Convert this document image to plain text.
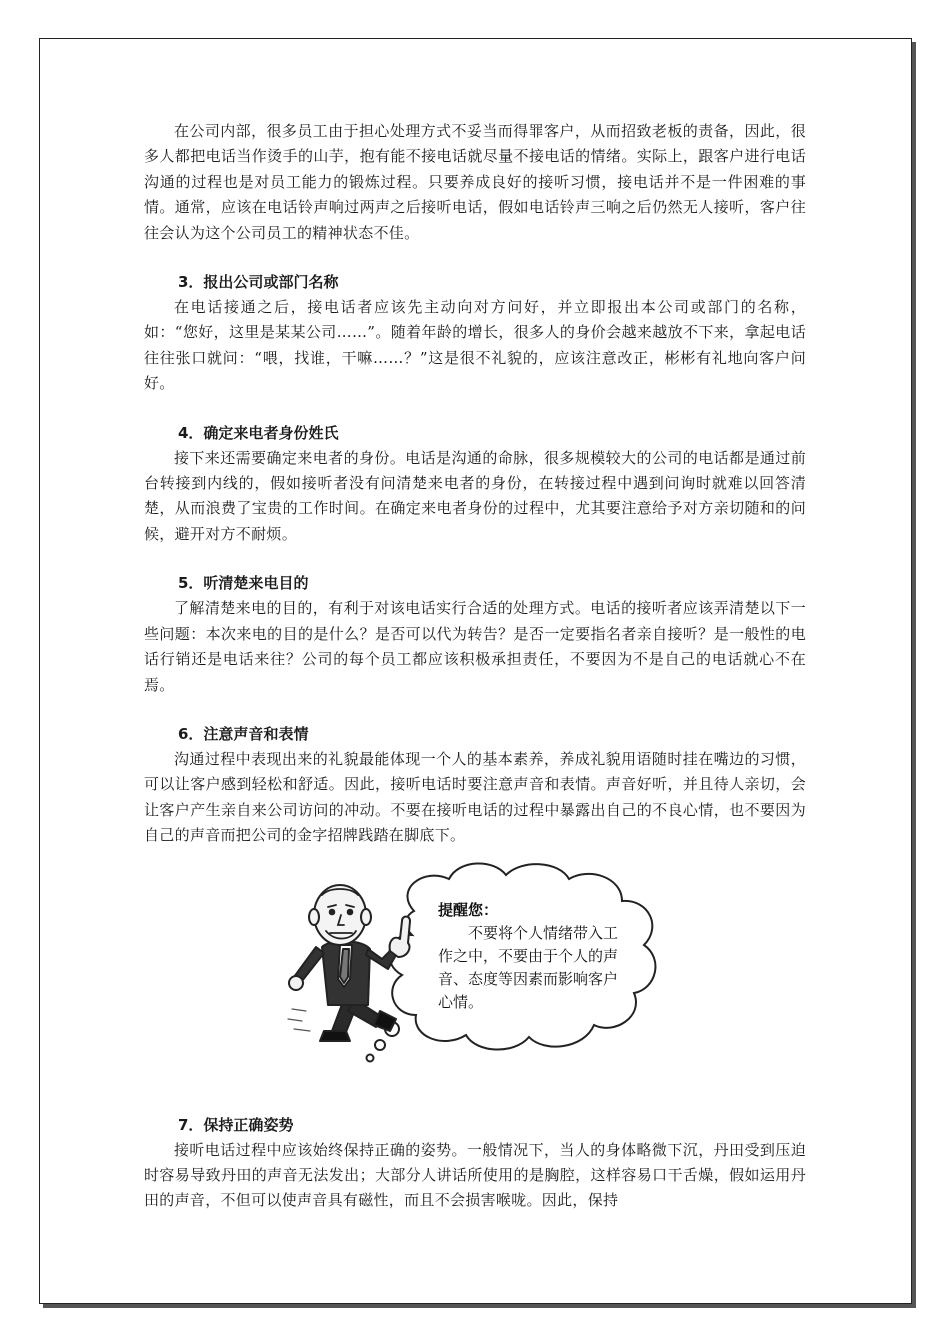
在公司内部，很多员工由于担心处理方式不妥当而得罪客户，从而招致老板的责备，因此，很多人都把电话当作烫手的山芋，抱有能不接电话就尽量不接电话的情绪。实际上，跟客户进行电话沟通的过程也是对员工能力的锻炼过程。只要养成良好的接听习惯，接电话并不是一件困难的事情。通常，应该在电话铃声响过两声之后接听电话，假如电话铃声三响之后仍然无人接听，客户往往会认为这个公司员工的精神状态不佳。

3．报出公司或部门名称

在电话接通之后，接电话者应该先主动向对方问好，并立即报出本公司或部门的名称，如：“您好，这里是某某公司……”。随着年龄的增长，很多人的身价会越来越放不下来，拿起电话往往张口就问：“喂，找谁，干嘛……？”这是很不礼貌的，应该注意改正，彬彬有礼地向客户问好。

4．确定来电者身份姓氏

接下来还需要确定来电者的身份。电话是沟通的命脉，很多规模较大的公司的电话都是通过前台转接到内线的，假如接听者没有问清楚来电者的身份，在转接过程中遇到问询时就难以回答清楚，从而浪费了宝贵的工作时间。在确定来电者身份的过程中，尤其要注意给予对方亲切随和的问候，避开对方不耐烦。

5．听清楚来电目的

了解清楚来电的目的，有利于对该电话实行合适的处理方式。电话的接听者应该弄清楚以下一些问题：本次来电的目的是什么？是否可以代为转告？是否一定要指名者亲自接听？是一般性的电话行销还是电话来往？公司的每个员工都应该积极承担责任，不要因为不是自己的电话就心不在焉。

6．注意声音和表情

沟通过程中表现出来的礼貌最能体现一个人的基本素养，养成礼貌用语随时挂在嘴边的习惯，可以让客户感到轻松和舒适。因此，接听电话时要注意声音和表情。声音好听，并且待人亲切，会让客户产生亲自来公司访问的冲动。不要在接听电话的过程中暴露出自己的不良心情，也不要因为自己的声音而把公司的金字招牌践踏在脚底下。

提醒您：

不要将个人情绪带入工作之中，不要由于个人的声音、态度等因素而影响客户心情。

7．保持正确姿势

接听电话过程中应该始终保持正确的姿势。一般情况下，当人的身体略微下沉，丹田受到压迫时容易导致丹田的声音无法发出；大部分人讲话所使用的是胸腔，这样容易口干舌燥，假如运用丹田的声音，不但可以使声音具有磁性，而且不会损害喉咙。因此，保持
